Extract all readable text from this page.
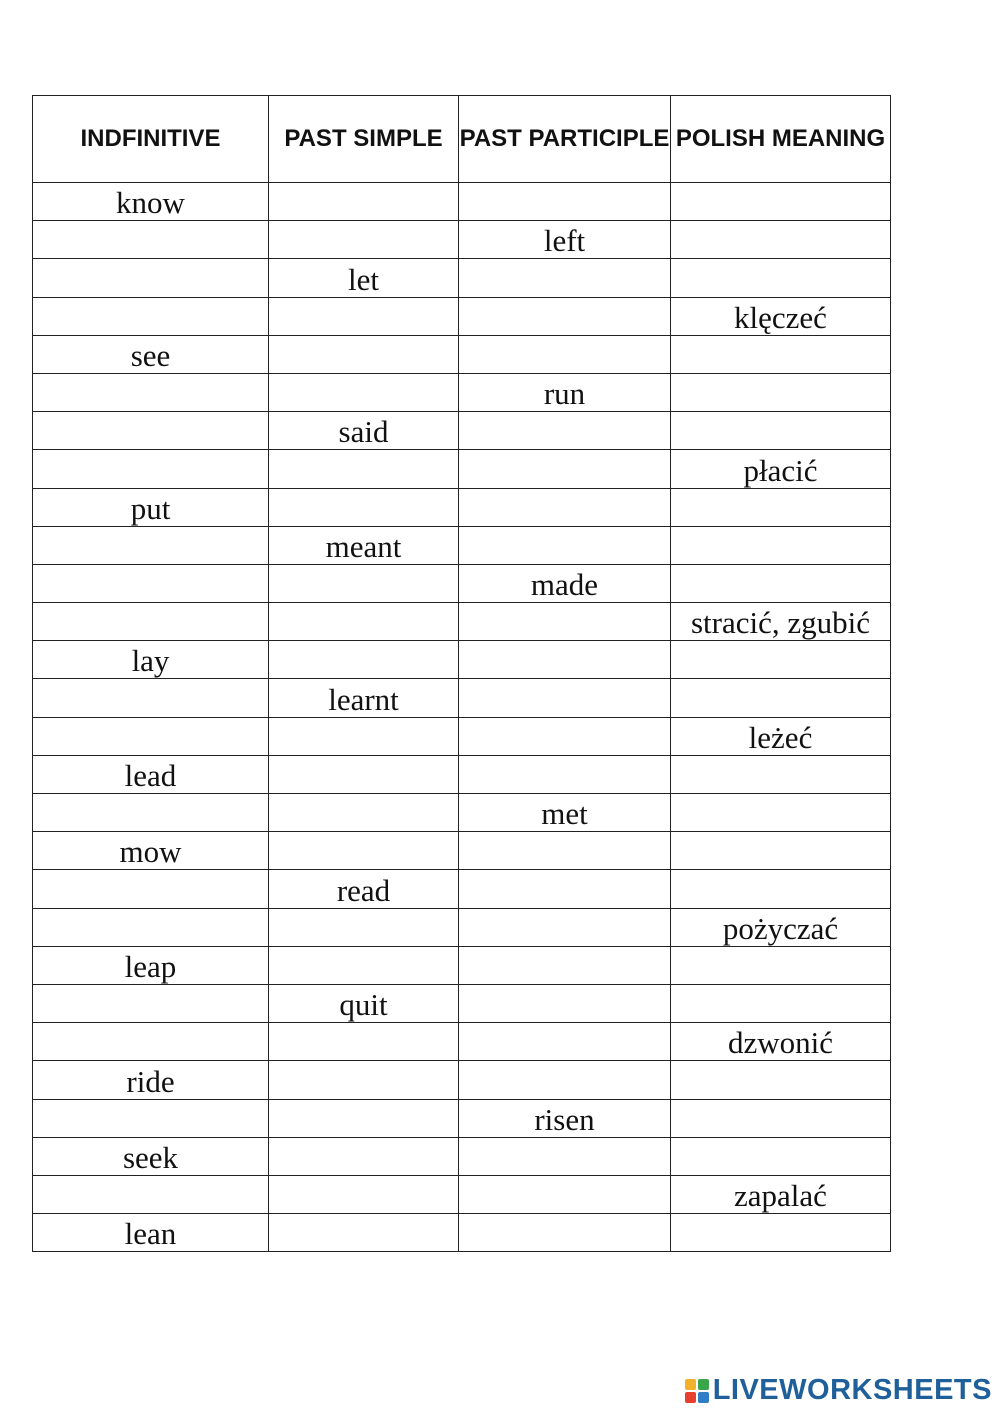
INDFINITIVE	PAST SIMPLE	PAST PARTICIPLE	POLISH MEANING
know			
		left	
	let		
			klęczeć
see			
		run	
	said		
			płacić
put			
	meant		
		made	
			stracić, zgubić
lay			
	learnt		
			leżeć
lead			
		met	
mow			
	read		
			pożyczać
leap			
	quit		
			dzwonić
ride			
		risen	
seek			
			zapalać
lean			
LIVEWORKSHEETS
